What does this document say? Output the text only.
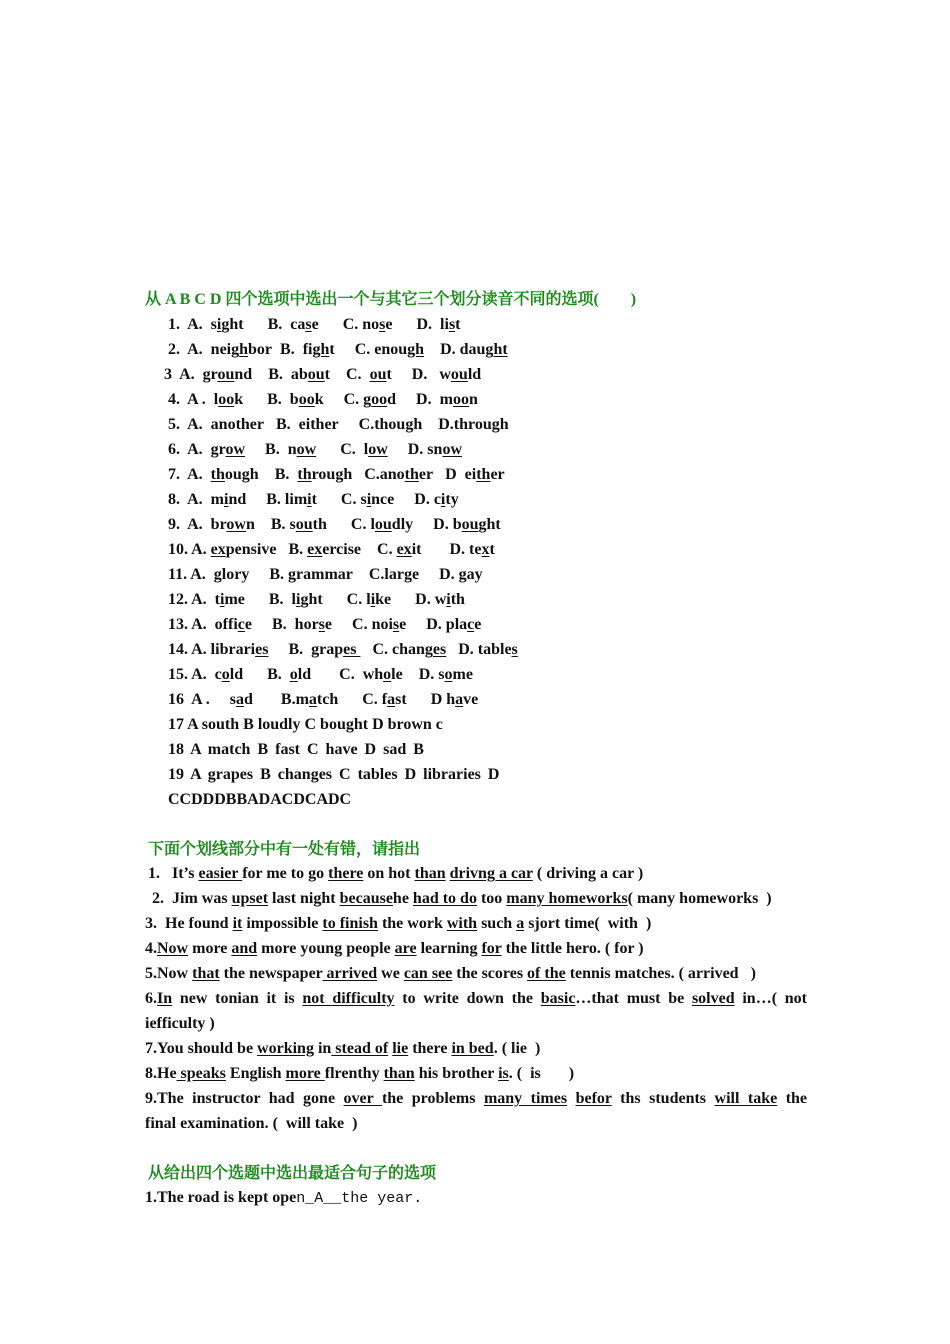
从 A B C D 四个选项中选出一个与其它三个划分读音不同的选项(　　)
1.  A.  sight      B.  case      C. nose      D.  list
2.  A.  neighbor  B.  fight     C. enough    D. daught
3  A.  ground    B.  about    C.  out     D.   would
4.  A .  look      B.  book     C. good     D.  moon
5.  A.  another   B.  either     C.though    D.through
6.  A.  grow     B.  now      C.  low     D. snow
7.  A.  though    B.  through   C.another   D  either
8.  A.  mind     B. limit      C. since     D. city
9.  A.  brown    B. south      C. loudly     D. bought
10. A. expensive   B. exercise    C. exit       D. text
11. A.  glory     B. grammar    C.large     D. gay
12. A.  time      B.  light      C. like      D. with
13. A.  office     B.  horse     C. noise     D. place
14. A. libraries     B.  grapes    C. changes   D. tables
15. A.  cold      B.  old       C.  whole    D. some
16  A .     sad       B.match      C. fast      D have
17 A south B loudly C bought D brown c
18 A match B fast C have D sad B
19 A grapes B changes C tables D libraries D
CCDDDBBADACDCADC
下面个划线部分中有一处有错，请指出
1.   It’s easier for me to go there on hot than drivng a car ( driving a car )
2.  Jim was upset last night becausehe had to do too many homeworks( many homeworks  )
3.  He found it impossible to finish the work with such a sjort time(  with  )
4.Now more and more young people are learning for the little hero. ( for )
5.Now that the newspaper arrived we can see the scores of the tennis matches. ( arrived   )
6.In new tonian it is not difficulty to write down the basic…that must be solved in…( not
iefficulty )
7.You should be working in stead of lie there in bed. ( lie  )
8.He speaks English more flrenthy than his brother is. (  is       )
9.The instructor had gone over the problems many times befor ths students will take the
final examination. (  will take  )
从给出四个选题中选出最适合句子的选项
1.The road is kept open_A__the year.
